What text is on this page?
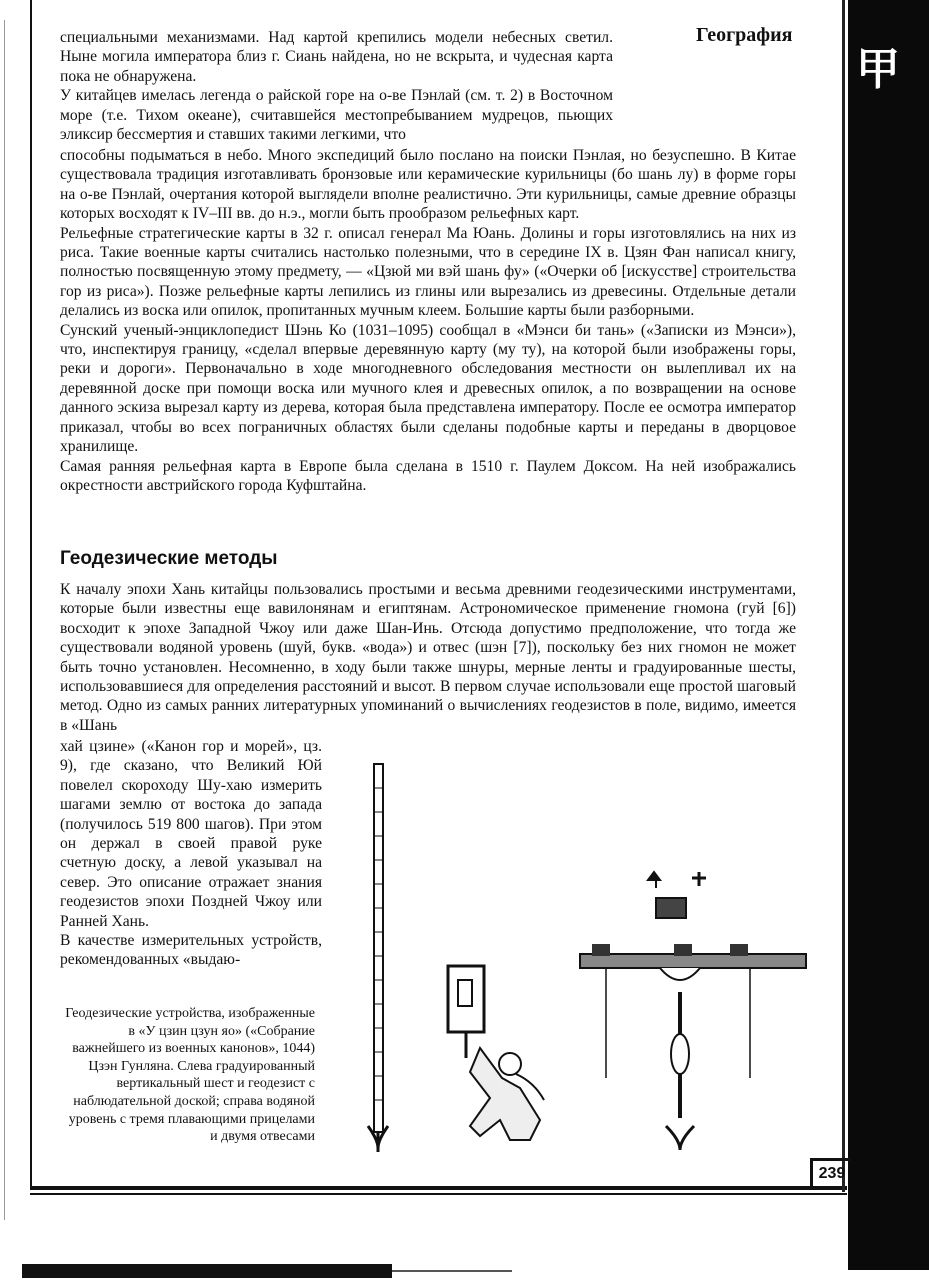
甲
География

специальными механизмами. Над картой крепились модели небесных светил. Ныне могила императора близ г. Сиань найдена, но не вскрыта, и чудесная карта пока не обнаружена.

У китайцев имелась легенда о райской горе на о-ве Пэнлай (см. т. 2) в Восточном море (т.е. Тихом океане), считавшейся местопребыванием мудрецов, пьющих эликсир бессмертия и ставших такими легкими, что

способны подыматься в небо. Много экспедиций было послано на поиски Пэнлая, но безуспешно. В Китае существовала традиция изготавливать бронзовые или керамические курильницы (бо шань лу) в форме горы на о-ве Пэнлай, очертания которой выглядели вполне реалистично. Эти курильницы, самые древние образцы которых восходят к IV–III вв. до н.э., могли быть прообразом рельефных карт.

Рельефные стратегические карты в 32 г. описал генерал Ма Юань. Долины и горы изготовлялись на них из риса. Такие военные карты считались настолько полезными, что в середине IX в. Цзян Фан написал книгу, полностью посвященную этому предмету, — «Цзюй ми вэй шань фу» («Очерки об [искусстве] строительства гор из риса»). Позже рельефные карты лепились из глины или вырезались из древесины. Отдельные детали делались из воска или опилок, пропитанных мучным клеем. Большие карты были разборными.

Сунский ученый-энциклопедист Шэнь Ко (1031–1095) сообщал в «Мэнси би тань» («Записки из Мэнси»), что, инспектируя границу, «сделал впервые деревянную карту (му ту), на которой были изображены горы, реки и дороги». Первоначально в ходе многодневного обследования местности он вылепливал их на деревянной доске при помощи воска или мучного клея и древесных опилок, а по возвращении на основе данного эскиза вырезал карту из дерева, которая была представлена императору. После ее осмотра император приказал, чтобы во всех пограничных областях были сделаны подобные карты и переданы в дворцовое хранилище.

Самая ранняя рельефная карта в Европе была сделана в 1510 г. Паулем Доксом. На ней изображались окрестности австрийского города Куфштайна.

Геодезические методы

К началу эпохи Хань китайцы пользовались простыми и весьма древними геодезическими инструментами, которые были известны еще вавилонянам и египтянам. Астрономическое применение гномона (гуй [6]) восходит к эпохе Западной Чжоу или даже Шан-Инь. Отсюда допустимо предположение, что тогда же существовали водяной уровень (шуй, букв. «вода») и отвес (шэн [7]), поскольку без них гномон не может быть точно установлен. Несомненно, в ходу были также шнуры, мерные ленты и градуированные шесты, использовавшиеся для определения расстояний и высот. В первом случае использовали еще простой шаговый метод. Одно из самых ранних литературных упоминаний о вычислениях геодезистов в поле, видимо, имеется в «Шань

хай цзине» («Канон гор и морей», цз. 9), где сказано, что Великий Юй повелел скороходу Шу-хаю измерить шагами землю от востока до запада (получилось 519 800 шагов). При этом он держал в своей правой руке счетную доску, а левой указывал на север. Это описание отражает знания геодезистов эпохи Поздней Чжоу или Ранней Хань.

В качестве измерительных устройств, рекомендованных «выдаю-

Геодезические устройства, изображенные в «У цзин цзун яо» («Собрание важнейшего из военных канонов», 1044) Цзэн Гунляна. Слева градуированный вертикальный шест и геодезист с наблюдательной доской; справа водяной уровень с тремя плавающими прицелами и двумя отвесами
239
